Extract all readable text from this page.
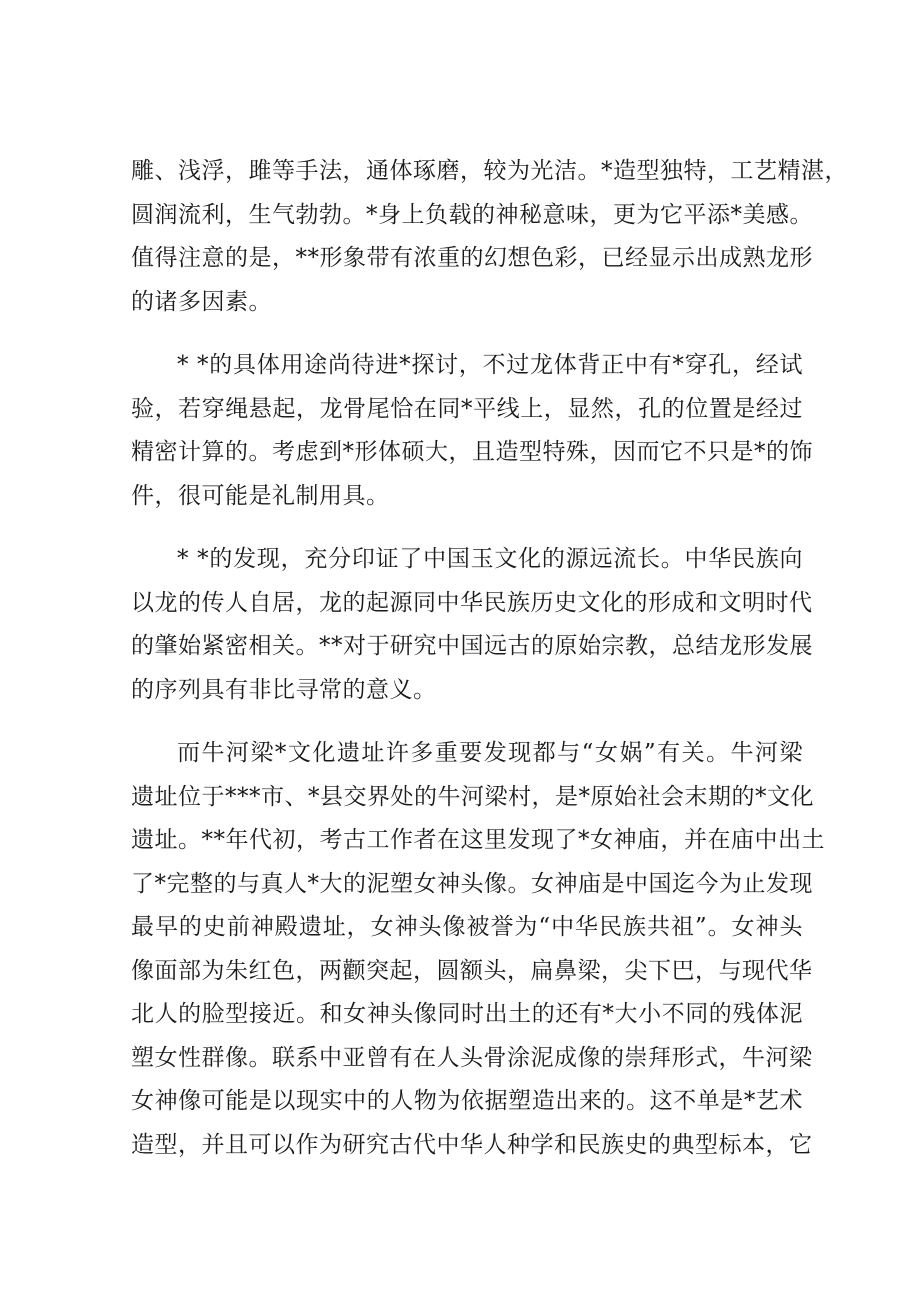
雕、浅浮，雎等手法，通体琢磨，较为光洁。*造型独特，工艺精湛，
圆润流利，生气勃勃。*身上负载的神秘意味，更为它平添*美感。
值得注意的是，**形象带有浓重的幻想色彩，已经显示出成熟龙形
的诸多因素。
* *的具体用途尚待进*探讨，不过龙体背正中有*穿孔，经试
验，若穿绳悬起，龙骨尾恰在同*平线上，显然，孔的位置是经过
精密计算的。考虑到*形体硕大，且造型特殊，因而它不只是*的饰
件，很可能是礼制用具。
* *的发现，充分印证了中国玉文化的源远流长。中华民族向
以龙的传人自居，龙的起源同中华民族历史文化的形成和文明时代
的肇始紧密相关。**对于研究中国远古的原始宗教，总结龙形发展
的序列具有非比寻常的意义。
而牛河梁*文化遗址许多重要发现都与“女娲”有关。牛河梁
遗址位于***市、*县交界处的牛河梁村，是*原始社会末期的*文化
遗址。**年代初，考古工作者在这里发现了*女神庙，并在庙中出土
了*完整的与真人*大的泥塑女神头像。女神庙是中国迄今为止发现
最早的史前神殿遗址，女神头像被誉为“中华民族共祖”。女神头
像面部为朱红色，两颧突起，圆额头，扁鼻梁，尖下巴，与现代华
北人的脸型接近。和女神头像同时出土的还有*大小不同的残体泥
塑女性群像。联系中亚曾有在人头骨涂泥成像的崇拜形式，牛河梁
女神像可能是以现实中的人物为依据塑造出来的。这不单是*艺术
造型，并且可以作为研究古代中华人种学和民族史的典型标本，它
